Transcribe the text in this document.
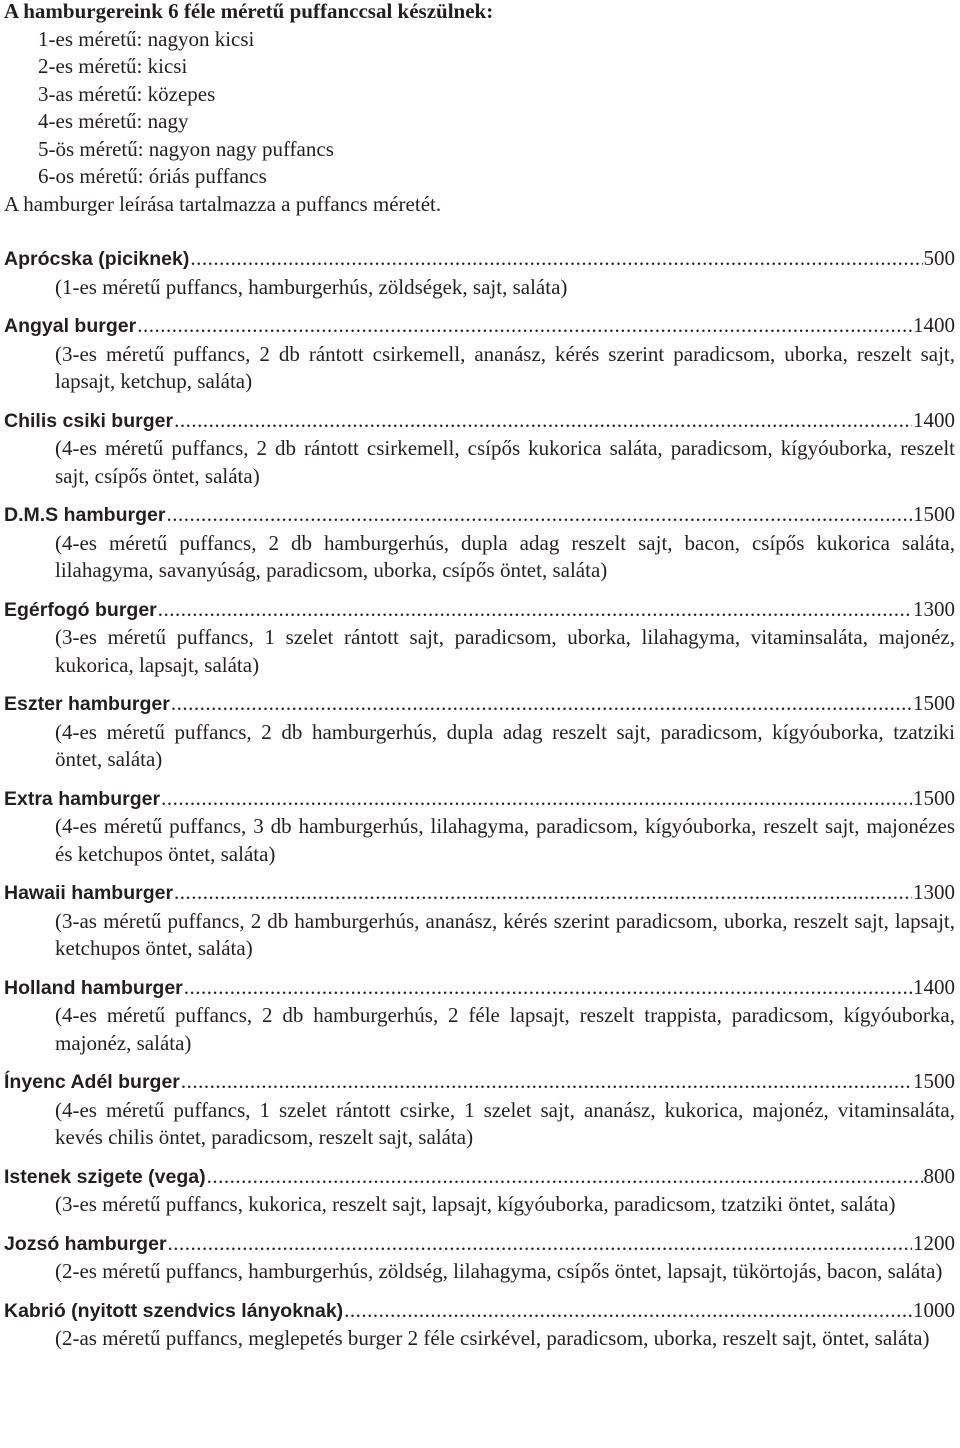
A hamburgereink 6 féle méretű puffanccsal készülnek:
1-es méretű: nagyon kicsi
2-es méretű: kicsi
3-as méretű: közepes
4-es méretű: nagy
5-ös méretű: nagyon nagy puffancs
6-os méretű: óriás puffancs
A hamburger leírása tartalmazza a puffancs méretét.
Aprócska (piciknek) .....	500
(1-es méretű puffancs, hamburgerhús, zöldségek, sajt, saláta)
Angyal burger .....	1400
(3-es méretű puffancs, 2 db rántott csirkemell, ananász, kérés szerint paradicsom, uborka, reszelt sajt, lapsajt, ketchup, saláta)
Chilis csiki burger .....	1400
(4-es méretű puffancs, 2 db rántott csirkemell, csípős kukorica saláta, paradicsom, kígyóuborka, reszelt sajt, csípős öntet, saláta)
D.M.S hamburger .....	1500
(4-es méretű puffancs, 2 db hamburgerhús, dupla adag reszelt sajt, bacon, csípős kukorica saláta, lilahagyma, savanyúság, paradicsom, uborka, csípős öntet, saláta)
Egérfogó burger .....	1300
(3-es méretű puffancs, 1 szelet rántott sajt, paradicsom, uborka, lilahagyma, vitaminsaláta, majonéz, kukorica, lapsajt, saláta)
Eszter hamburger .....	1500
(4-es méretű puffancs, 2 db hamburgerhús, dupla adag reszelt sajt, paradicsom, kígyóuborka, tzatziki öntet, saláta)
Extra hamburger .....	1500
(4-es méretű puffancs, 3 db hamburgerhús, lilahagyma, paradicsom, kígyóuborka, reszelt sajt, majonézes és ketchupos öntet, saláta)
Hawaii hamburger .....	1300
(3-as méretű puffancs, 2 db hamburgerhús, ananász, kérés szerint paradicsom, uborka, reszelt sajt, lapsajt, ketchupos öntet, saláta)
Holland hamburger .....	1400
(4-es méretű puffancs, 2 db hamburgerhús, 2 féle lapsajt, reszelt trappista, paradicsom, kígyóuborka, majonéz, saláta)
Ínyenc Adél burger .....	1500
(4-es méretű puffancs, 1 szelet rántott csirke, 1 szelet sajt, ananász, kukorica, majonéz, vitaminsaláta, kevés chilis öntet, paradicsom, reszelt sajt, saláta)
Istenek szigete (vega) .....	800
(3-es méretű puffancs, kukorica, reszelt sajt, lapsajt, kígyóuborka, paradicsom, tzatziki öntet, saláta)
Jozsó hamburger .....	1200
(2-es méretű puffancs, hamburgerhús, zöldség, lilahagyma, csípős öntet, lapsajt, tükörtojás, bacon, saláta)
Kabrió (nyitott szendvics lányoknak) .....	1000
(2-as méretű puffancs, meglepetés burger 2 féle csirkével, paradicsom, uborka, reszelt sajt, öntet, saláta)
